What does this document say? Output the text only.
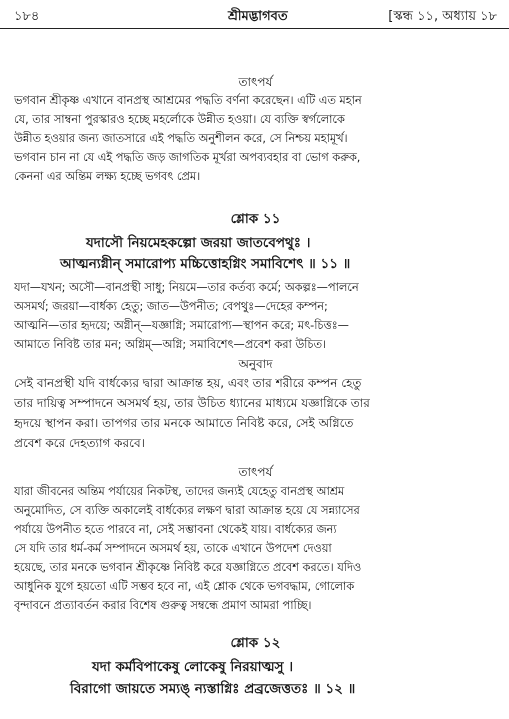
১৮৪	শ্রীমদ্ভাগবত	[স্কন্ধ ১১, অধ্যায় ১৮
তাৎপর্য
ভগবান শ্রীকৃষ্ণ এখানে বানপ্রস্থ আশ্রমের পদ্ধতি বর্ণনা করেছেন। এটি এত মহান
যে, তার সাম্বনা পুরস্কারও হচ্ছে মহর্লোকে উন্নীত হওয়া। যে ব্যক্তি স্বর্গলোকে
উন্নীত হওয়ার জন্য জাতসারে এই পদ্ধতি অনুশীলন করে, সে নিশ্চয় মহামূর্খ।
ভগবান চান না যে এই পদ্ধতি জড় জাগতিক মূর্খরা অপব্যবহার বা ভোগ করুক,
কেননা এর অন্তিম লক্ষ্য হচ্ছে ভগবৎ প্রেম।
শ্লোক ১১
যদাসৌ নিয়মেহকল্পো জরয়া জাতবেপথুঃ ।
আত্মন্যগ্নীন্ সমারোপ্য মচ্চিত্তোহগ্নিং সমাবিশেৎ ॥ ১১ ॥
যদা—যখন; অসৌ—বানপ্রস্থী সাধু; নিয়মে—তার কর্তব্য কর্মে; অকল্পঃ—পালনে
অসমর্থ; জরয়া—বার্ধক্য হেতু; জাত—উপনীত; বেপথুঃ—দেহের কম্পন;
আত্মনি—তার হৃদয়ে; অগ্নীন্—যজ্ঞাগ্নি; সমারোপ্য—স্থাপন করে; মৎ-চিত্তঃ—
আমাতে নিবিষ্ট তার মন; অগ্নিম্—অগ্নি; সমাবিশেৎ—প্রবেশ করা উচিত।
অনুবাদ
সেই বানপ্রস্থী যদি বার্ধক্যের দ্বারা আক্রান্ত হয়, এবং তার শরীরে কম্পন হেতু
তার দায়িত্ব সম্পাদনে অসমর্থ হয়, তার উচিত ধ্যানের মাধ্যমে যজ্ঞাগ্নিকে তার
হৃদয়ে স্থাপন করা। তাপগর তার মনকে আমাতে নিবিষ্ট করে, সেই অগ্নিতে
প্রবেশ করে দেহত্যাগ করবে।
তাৎপর্য
যারা জীবনের অন্তিম পর্যায়ের নিকটস্থ, তাদের জন্যই যেহেতু বানপ্রস্থ আশ্রম
অনুমোদিত, সে ব্যক্তি অকালেই বার্ধক্যের লক্ষণ দ্বারা আক্রান্ত হয়ে যে সন্ন্যাসের
পর্যায়ে উপনীত হতে পারবে না, সেই সম্ভাবনা থেকেই যায়। বার্ধক্যের জন্য
সে যদি তার ধর্ম-কর্ম সম্পাদনে অসমর্থ হয়, তাকে এখানে উপদেশ দেওয়া
হয়েছে, তার মনকে ভগবান শ্রীকৃষ্ণে নিবিষ্ট করে যজ্ঞাগ্নিতে প্রবেশ করতে। যদিও
আধুনিক যুগে হয়তো এটি সম্ভব হবে না, এই শ্লোক থেকে ভগবদ্ধাম, গোলোক
বৃন্দাবনে প্রত্যাবর্তন করার বিশেষ গুরুত্ব সম্বন্ধে প্রমাণ আমরা পাচ্ছি।
শ্লোক ১২
যদা কর্মবিপাকেষু লোকেষু নিরয়াত্মসু ।
বিরাগো জায়তে সম্যঙ্ ন্যস্তাগ্নিঃ প্রব্রজেত্ততঃ ॥ ১২ ॥
